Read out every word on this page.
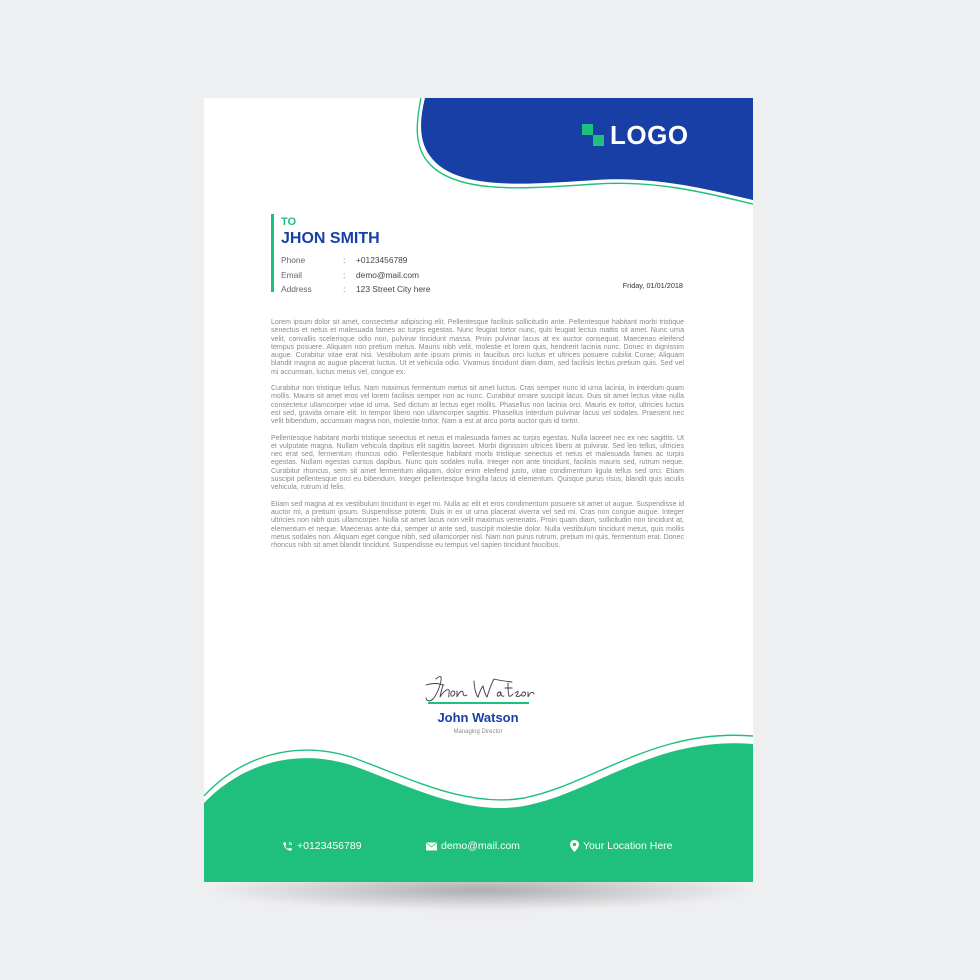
LOGO
TO
JHON SMITH
Phone	:	+0123456789
Email	:	demo@mail.com
Address	:	123 Street City here	Friday, 01/01/2018

Lorem ipsum dolor sit amet, consectetur adipiscing elit. Pellentesque facilisis sollicitudin ante. Pellentesque habitant morbi tristique senectus et netus et malesuada fames ac turpis egestas. Nunc feugiat tortor nunc, quis feugiat lectus mattis sit amet. Nunc urna velit, convallis scelerisque odio non, pulvinar tincidunt massa. Proin pulvinar lacus at ex auctor consequat. Maecenas eleifend tempus posuere. Aliquam non pretium metus. Mauris nibh velit, molestie et lorem quis, hendrerit lacinia nunc. Donec in dignissim augue. Curabitur vitae erat nisi. Vestibulum ante ipsum primis in faucibus orci luctus et ultrices posuere cubilia Curae; Aliquam blandit magna ac augue placerat luctus. Ut et vehicula odio. Vivamus tincidunt diam diam, sed facilisis lectus pretium quis. Sed vel mi accumsan, luctus metus vel, congue ex.

Curabitur non tristique tellus. Nam maximus fermentum metus sit amet luctus. Cras semper nunc id urna lacinia, in interdum quam mollis. Mauris sit amet eros vel lorem facilisis semper non ac nunc. Curabitur ornare suscipit lacus. Duis sit amet lectus vitae nulla consectetur ullamcorper vitae id urna. Sed dictum at lectus eget mollis. Phasellus non lacinia orci. Mauris ex tortor, ultricies luctus est sed, gravida ornare elit. In tempor libero non ullamcorper sagittis. Phasellus interdum pulvinar lacus vel sodales. Praesent nec velit bibendum, accumsan magna non, molestie tortor. Nam a est at arcu porta auctor quis id tortor.

Pellentesque habitant morbi tristique senectus et netus et malesuada fames ac turpis egestas. Nulla laoreet nec ex nec sagittis. Ut et vulputate magna. Nullam vehicula dapibus elit sagittis laoreet. Morbi dignissim ultrices libero at pulvinar. Sed leo tellus, ultricies nec erat sed, fermentum rhoncus odio. Pellentesque habitant morbi tristique senectus et netus et malesuada fames ac turpis egestas. Nullam egestas cursus dapibus. Nunc quis sodales nulla. Integer non ante tincidunt, facilisis mauris sed, rutrum neque. Curabitur rhoncus, sem sit amet fermentum aliquam, dolor enim eleifend justo, vitae condimentum ligula tellus sed orci. Etiam suscipit pellentesque orci eu bibendum. Integer pellentesque fringilla lacus id elementum. Quisque purus risus, blandit quis iaculis vehicula, rutrum id felis.

Etiam sed magna at ex vestibulum tincidunt in eget mi. Nulla ac elit et eros condimentum posuere sit amet ut augue. Suspendisse id auctor mi, a pretium ipsum. Suspendisse potenti. Duis in ex ut urna placerat viverra vel sed mi. Cras non congue augue. Integer ultricies non nibh quis ullamcorper. Nulla sit amet lacus non velit maximus venenatis. Proin quam diam, sollicitudin non tincidunt at, elementum et neque. Maecenas ante dui, semper ut ante sed, suscipit molestie dolor. Nulla vestibulum tincidunt metus, quis mollis metus sodales non. Aliquam eget congue nibh, sed ullamcorper nisl. Nam non purus rutrum, pretium mi quis, fermentum erat. Donec rhoncus nibh sit amet blandit tincidunt. Suspendisse eu tempus vel sapien tincidunt faucibus.

John Watson
Managing Director
+0123456789	demo@mail.com	Your Location Here
